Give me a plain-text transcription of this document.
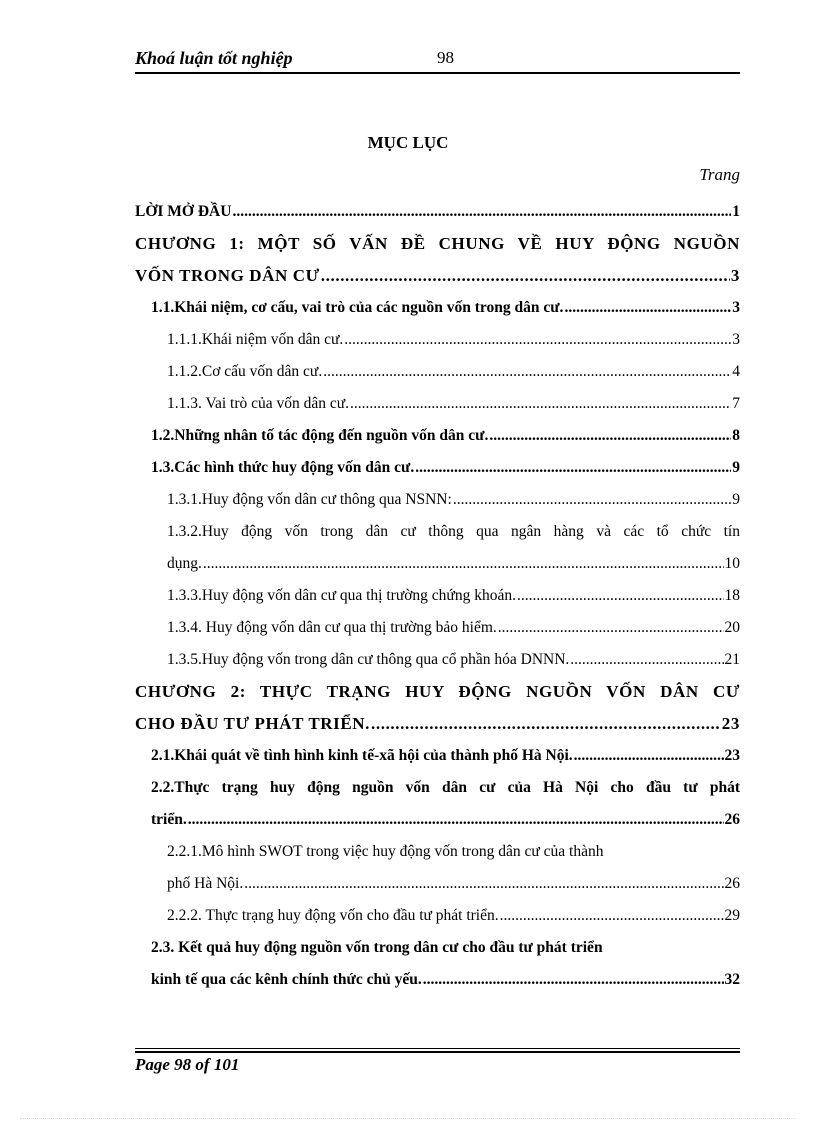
Khoá luận tốt nghiệp	98
MỤC LỤC
Trang
LỜI MỞ ĐẦU .....	1
CHƯƠNG 1: MỘT SỐ VẤN ĐỀ CHUNG VỀ HUY ĐỘNG NGUỒN
VỐN TRONG DÂN CƯ .....	3
1.1.Khái niệm, cơ cấu, vai trò của các nguồn vốn trong dân cư. .....	3
1.1.1.Khái niệm vốn dân cư. .....	3
1.1.2.Cơ cấu vốn dân cư. .....	4
1.1.3. Vai trò của vốn dân cư. .....	7
1.2.Những nhân tố tác động đến nguồn vốn dân cư. .....	8
1.3.Các hình thức huy động vốn dân cư. .....	9
1.3.1.Huy động vốn dân cư thông qua NSNN: .....	9
1.3.2.Huy động vốn trong dân cư thông qua ngân hàng và các tổ chức tín
dụng. .....	10
1.3.3.Huy động vốn dân cư qua thị trường chứng khoán. .....	18
1.3.4. Huy động vốn dân cư qua thị trường bảo hiểm. .....	20
1.3.5.Huy động vốn trong dân cư thông qua cổ phần hóa DNNN. .....	21
CHƯƠNG 2: THỰC TRẠNG HUY ĐỘNG NGUỒN VỐN DÂN CƯ
CHO ĐẦU TƯ PHÁT TRIỂN. .....	23
2.1.Khái quát về tình hình kinh tế-xã hội của thành phố Hà Nội. .....	23
2.2.Thực trạng huy động nguồn vốn dân cư của Hà Nội cho đầu tư phát
triển. .....	26
2.2.1.Mô hình SWOT trong việc huy động vốn trong dân cư của thành
phố Hà Nội. .....	26
2.2.2. Thực trạng huy động vốn cho đầu tư phát triển. .....	29
2.3. Kết quả huy động nguồn vốn trong dân cư cho đầu tư phát triển
kinh tế qua các kênh chính thức chủ yếu. .....	32
Page 98 of 101
